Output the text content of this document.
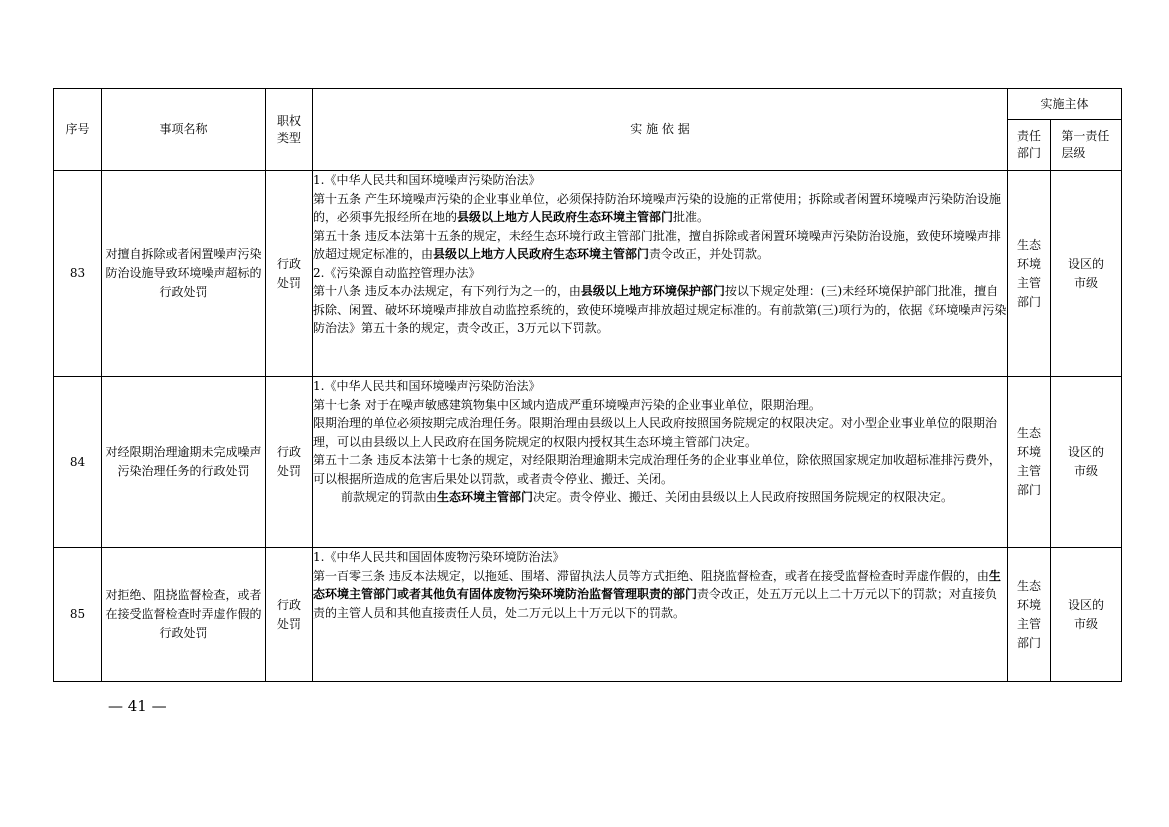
序号	事项名称	职权类型	实 施 依 据	实施主体	

				责任部门	第一责任层级

83	对擅自拆除或者闲置噪声污染防治设施导致环境噪声超标的行政处罚	行政处罚	1.《中华人民共和国环境噪声污染防治法》

第十五条 产生环境噪声污染的企业事业单位，必须保持防治环境噪声污染的设施的正常使用；拆除或者闲置环境噪声污染防治设施的，必须事先报经所在地的县级以上地方人民政府生态环境主管部门批准。

第五十条 违反本法第十五条的规定，未经生态环境行政主管部门批准，擅自拆除或者闲置环境噪声污染防治设施，致使环境噪声排放超过规定标准的，由县级以上地方人民政府生态环境主管部门责令改正，并处罚款。

2.《污染源自动监控管理办法》

第十八条 违反本办法规定，有下列行为之一的，由县级以上地方环境保护部门按以下规定处理：(三)未经环境保护部门批准，擅自拆除、闲置、破坏环境噪声排放自动监控系统的，致使环境噪声排放超过规定标准的。有前款第(三)项行为的，依据《环境噪声污染防治法》第五十条的规定，责令改正，3万元以下罚款。	生态环境主管部门	设区的市级

84	对经限期治理逾期未完成噪声污染治理任务的行政处罚	行政处罚	1.《中华人民共和国环境噪声污染防治法》

第十七条 对于在噪声敏感建筑物集中区域内造成严重环境噪声污染的企业事业单位，限期治理。

限期治理的单位必须按期完成治理任务。限期治理由县级以上人民政府按照国务院规定的权限决定。对小型企业事业单位的限期治理，可以由县级以上人民政府在国务院规定的权限内授权其生态环境主管部门决定。

第五十二条 违反本法第十七条的规定，对经限期治理逾期未完成治理任务的企业事业单位，除依照国家规定加收超标准排污费外，可以根据所造成的危害后果处以罚款，或者责令停业、搬迁、关闭。

前款规定的罚款由生态环境主管部门决定。责令停业、搬迁、关闭由县级以上人民政府按照国务院规定的权限决定。	生态环境主管部门	设区的市级

85	对拒绝、阻挠监督检查，或者在接受监督检查时弄虚作假的行政处罚	行政处罚	1.《中华人民共和国固体废物污染环境防治法》

第一百零三条 违反本法规定，以拖延、围堵、滞留执法人员等方式拒绝、阻挠监督检查，或者在接受监督检查时弄虚作假的，由生态环境主管部门或者其他负有固体废物污染环境防治监督管理职责的部门责令改正，处五万元以上二十万元以下的罚款；对直接负责的主管人员和其他直接责任人员，处二万元以上十万元以下的罚款。	生态环境主管部门	设区的市级
— 41 —
